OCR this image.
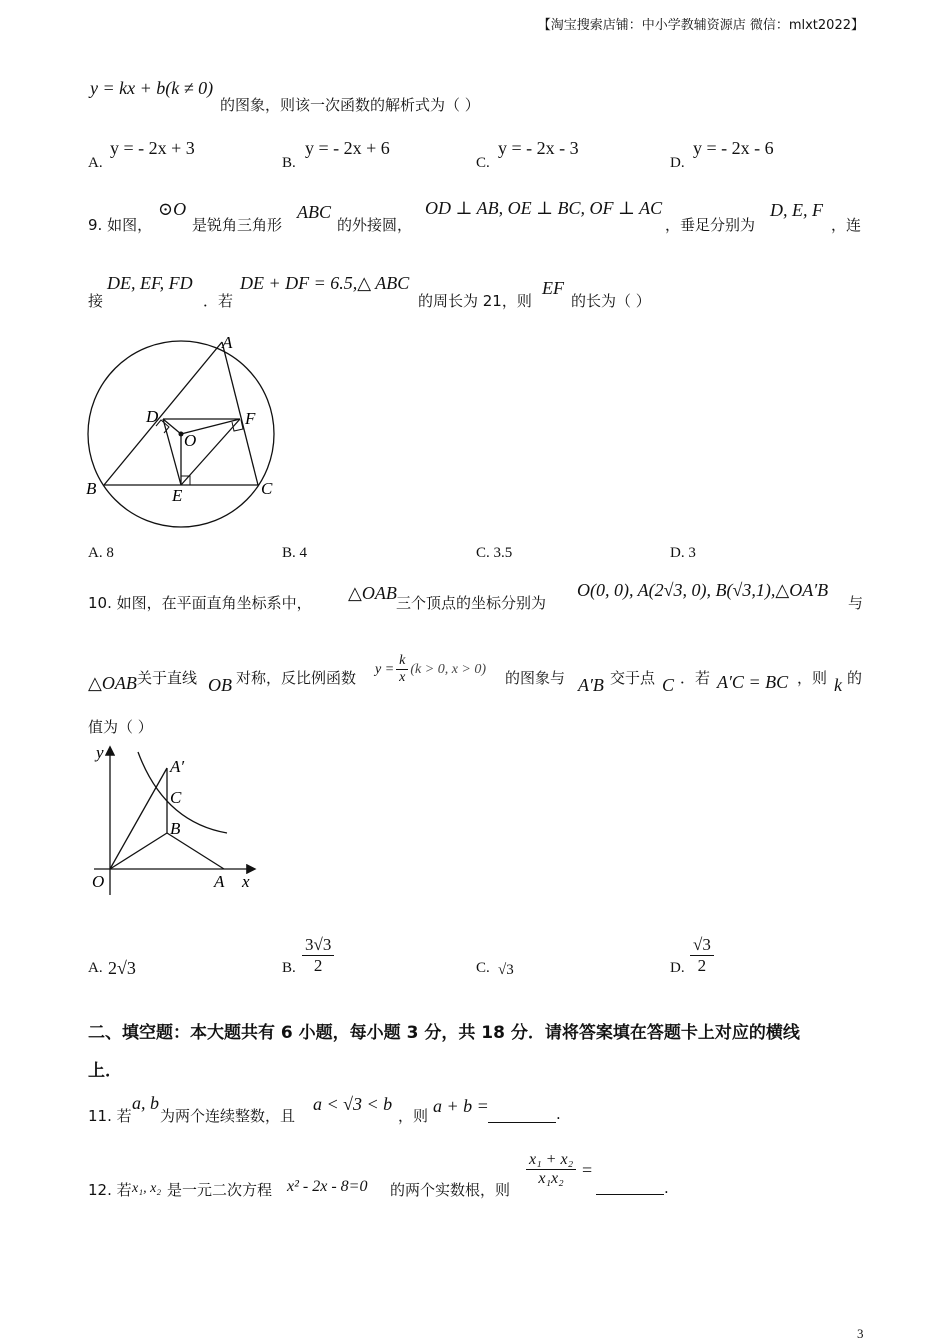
【淘宝搜索店铺：中小学教辅资源店 微信：mlxt2022】
y = kx + b(k ≠ 0)
的图象，则该一次函数的解析式为（ ）
A.
y = - 2x + 3
B.
y = - 2x + 6
C.
y = - 2x - 3
D.
y = - 2x - 6
9. 如图，
⊙O
是锐角三角形
ABC
的外接圆，
OD ⊥ AB, OE ⊥ BC, OF ⊥ AC
，垂足分别为
D, E, F
，连
接
DE, EF, FD
．若
DE + DF = 6.5,△ ABC
的周长为 21，则
EF
的长为（ ）
A
B	C
D
E
F
O
A. 8	B. 4	C. 3.5	D. 3
10. 如图，在平面直角坐标系中， △OAB 三个顶点的坐标分别为
O(0, 0), A(2√3, 0), B(√3,1),△OA′B
与
△OAB 关于直线 OB 对称，反比例函数 $y = \frac{k}{x} (k > 0$, x > 0) 的图象与 A′B 交于点 C ．若 A′C = BC ，则 k 的
值为（ ）
y
x
O	A
B
C
A′
A. 2√3	B. $\frac{3√3}{2}$	C. √3	D. $\frac{√3}{2}$
二、填空题：本大题共有 6 小题，每小题 3 分，共 18 分．请将答案填在答题卡上对应的横线
上．
11. 若
a, b
为两个连续整数，且
a < √3 < b
，则 a + b =	.
12. 若 x₁, x₂ 是一元二次方程 x² - 2x - 8=0 的两个实数根，则
$\frac{\text{x₁ + x₂}}{\text{x₁x₂}}$ =
.
3
